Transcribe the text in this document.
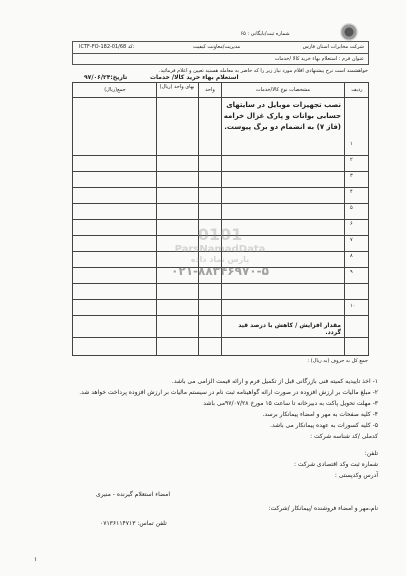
شماره ثبت/بایگانی : ۶۵
شرکت مخابرات استان فارس
مدیریت/معاونت کیفیت
ICTF-FO-182-01/68 کد:
عنوان فرم : استعلام بهاء خرید کالا /خدمات
خواهشمند است نرخ پیشنهادی اقلام مورد نیاز زیر را که حاضر به معامله هستید تعیین و اعلام فرمائید.
استعلام بهاء خرید کالا/ خدمات
تاریخ:۹۷/۰۶/۲۴
ردیف
مشخصات نوع کالا/خدمات
واحد
بهای واحد (ریال)
جمع(ریال)
نصب تجهیزات موبایل در سایتهای حسابی بوانات و پارک غزال خرامه (فاز ۷) به انضمام دو برگ پیوست.
۱
۲
۳
۴
۵
۶
۷
۸
۹
۱۰
مقدار افزایش / کاهش با درصد قید گردد.
جمع کل به حروف (به ریال) :
0101
ParsNamadData
پارس نماد داده
۰۲۱-۸۸۳۴۶۹۷۰-۵
۱- اخذ تاییدیه کمیته فنی بازرگانی قبل از تکمیل فرم و ارائه قیمت الزامی می باشد.
۲- مبلغ مالیات بر ارزش افزوده در صورت ارائه گواهینامه ثبت نام در سیستم مالیات بر ارزش افزوده پرداخت خواهد شد.
۳- مهلت تحویل پاکت به دبیرخانه تا ساعت ۱۵ مورخ ۹۷/۰۷/۲۸می باشد
۴- کلیه صفحات به مهر و امضاء پیمانکار برسد.
۵- کلیه کسورات به عهده پیمانکار می باشد.
کدملی /کد شناسه شرکت :
تلفن:
شماره ثبت وکد اقتصادی شرکت :
آدرس وکدپستی :
امضاء استعلام گیرنده - منیری
نام،مهر و امضاء فروشنده /پیمانکار /شرکت:
تلفن تماس: ۰۷۱۳۶۱۱۴۷۱۳
۱
